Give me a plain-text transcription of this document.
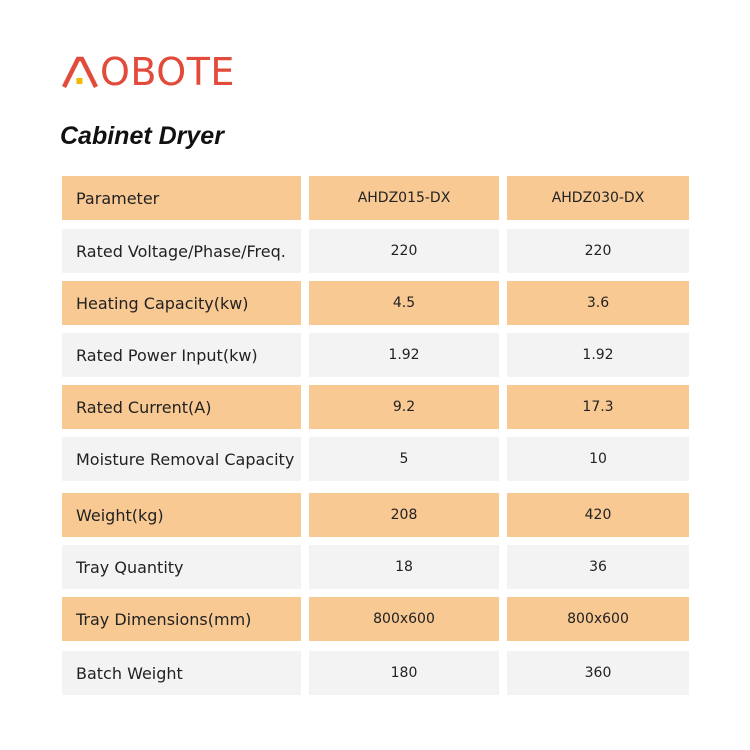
OBOTE
Cabinet Dryer
Parameter	AHDZ015-DX	AHDZ030-DX
Rated Voltage/Phase/Freq.	220	220
Heating Capacity(kw)	4.5	3.6
Rated Power Input(kw)	1.92	1.92
Rated Current(A)	9.2	17.3
Moisture Removal Capacity	5	10
Weight(kg)	208	420
Tray Quantity	18	36
Tray Dimensions(mm)	800x600	800x600
Batch Weight	180	360
